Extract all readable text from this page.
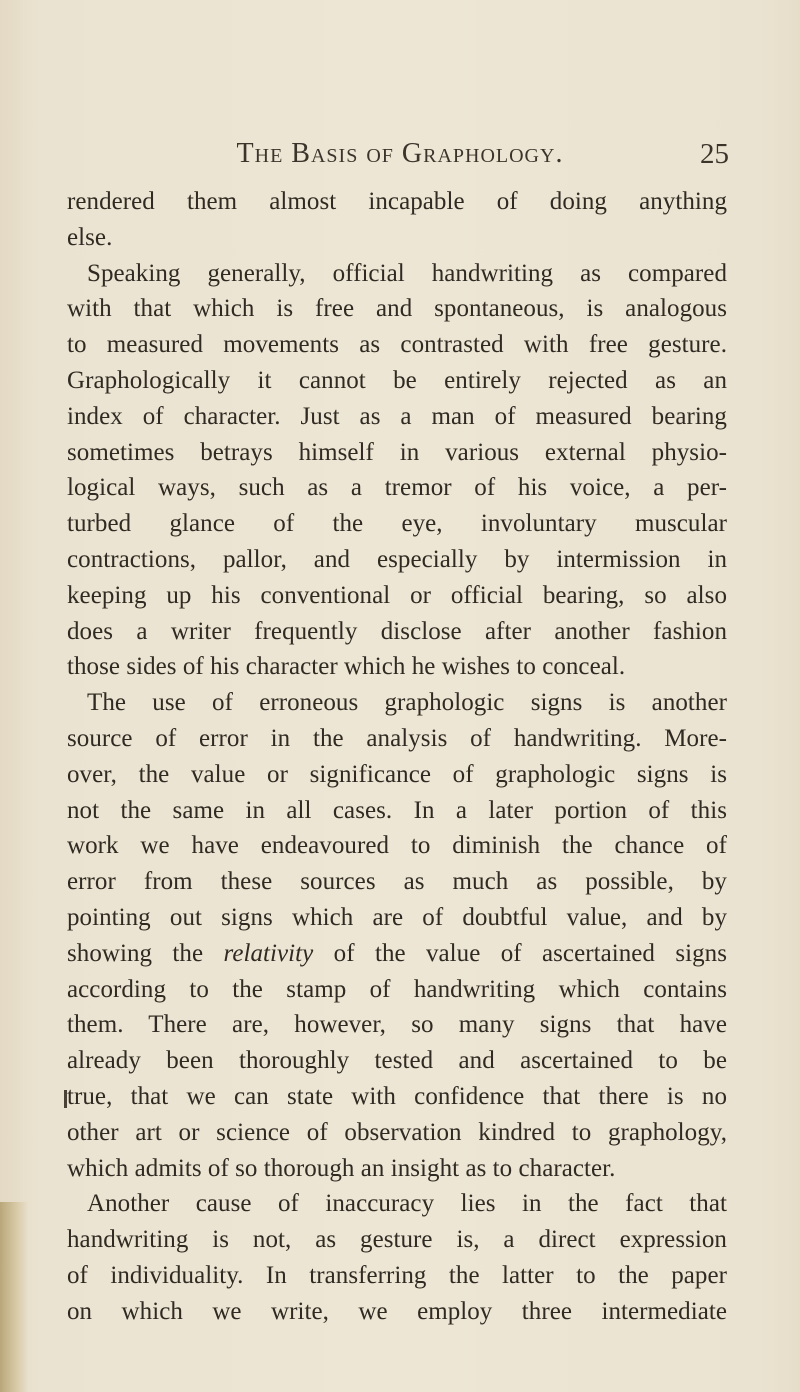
The Basis of Graphology.	25
rendered them almost incapable of doing anything
else.
Speaking generally, official handwriting as compared
with that which is free and spontaneous, is analogous
to measured movements as contrasted with free gesture.
Graphologically it cannot be entirely rejected as an
index of character. Just as a man of measured bearing
sometimes betrays himself in various external physio-
logical ways, such as a tremor of his voice, a per-
turbed glance of the eye, involuntary muscular
contractions, pallor, and especially by intermission in
keeping up his conventional or official bearing, so also
does a writer frequently disclose after another fashion
those sides of his character which he wishes to conceal.
The use of erroneous graphologic signs is another
source of error in the analysis of handwriting. More-
over, the value or significance of graphologic signs is
not the same in all cases. In a later portion of this
work we have endeavoured to diminish the chance of
error from these sources as much as possible, by
pointing out signs which are of doubtful value, and by
showing the relativity of the value of ascertained signs
according to the stamp of handwriting which contains
them. There are, however, so many signs that have
already been thoroughly tested and ascertained to be
true, that we can state with confidence that there is no
other art or science of observation kindred to graphology,
which admits of so thorough an insight as to character.
Another cause of inaccuracy lies in the fact that
handwriting is not, as gesture is, a direct expression
of individuality. In transferring the latter to the paper
on which we write, we employ three intermediate
